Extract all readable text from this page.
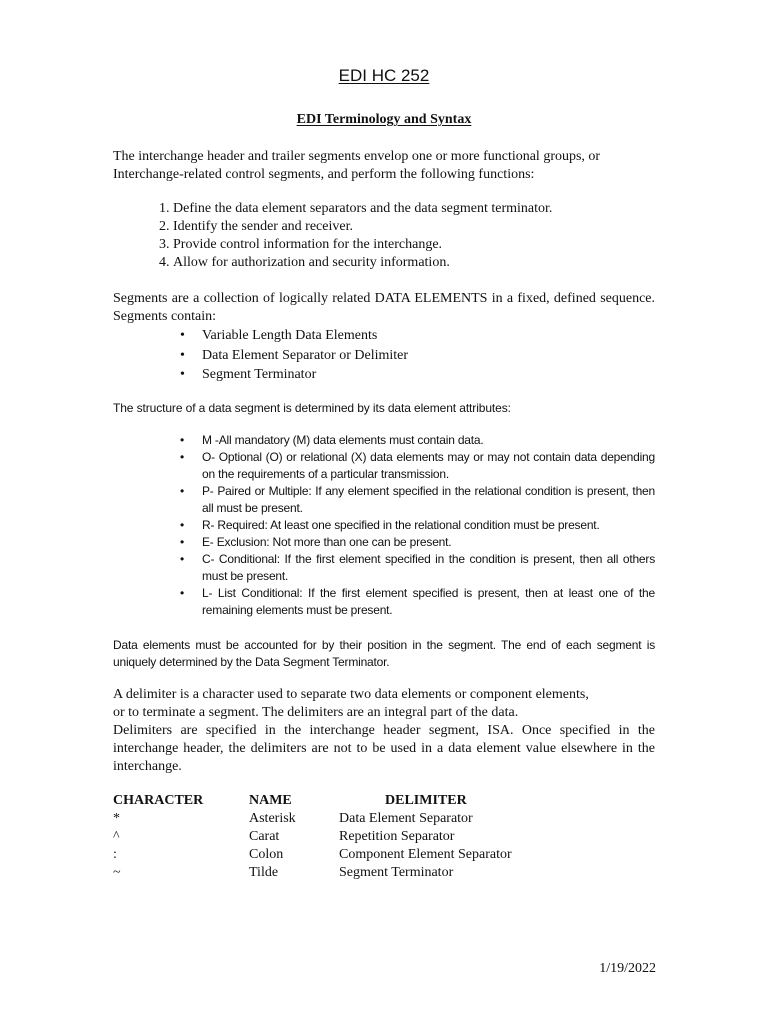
EDI HC 252
EDI Terminology and Syntax

The interchange header and trailer segments envelop one or more functional groups, or Interchange-related control segments, and perform the following functions:

1. Define the data element separators and the data segment terminator.
2. Identify the sender and receiver.
3. Provide control information for the interchange.
4. Allow for authorization and security information.

Segments are a collection of logically related DATA ELEMENTS in a fixed, defined sequence. Segments contain:

• Variable Length Data Elements
• Data Element Separator or Delimiter
• Segment Terminator

The structure of a data segment is determined by its data element attributes:

• M -All mandatory (M) data elements must contain data.
• O- Optional (O) or relational (X) data elements may or may not contain data depending on the requirements of a particular transmission.
• P- Paired or Multiple: If any element specified in the relational condition is present, then all must be present.
• R- Required: At least one specified in the relational condition must be present.
• E- Exclusion: Not more than one can be present.
• C- Conditional: If the first element specified in the condition is present, then all others must be present.
• L- List Conditional: If the first element specified is present, then at least one of the remaining elements must be present.

Data elements must be accounted for by their position in the segment. The end of each segment is uniquely determined by the Data Segment Terminator.

A delimiter is a character used to separate two data elements or component elements,

or to terminate a segment. The delimiters are an integral part of the data.

Delimiters are specified in the interchange header segment, ISA. Once specified in the interchange header, the delimiters are not to be used in a data element value elsewhere in the interchange.

CHARACTER	NAME	DELIMITER
*	Asterisk	Data Element Separator
^	Carat	Repetition Separator
:	Colon	Component Element Separator
~	Tilde	Segment Terminator
1/19/2022
